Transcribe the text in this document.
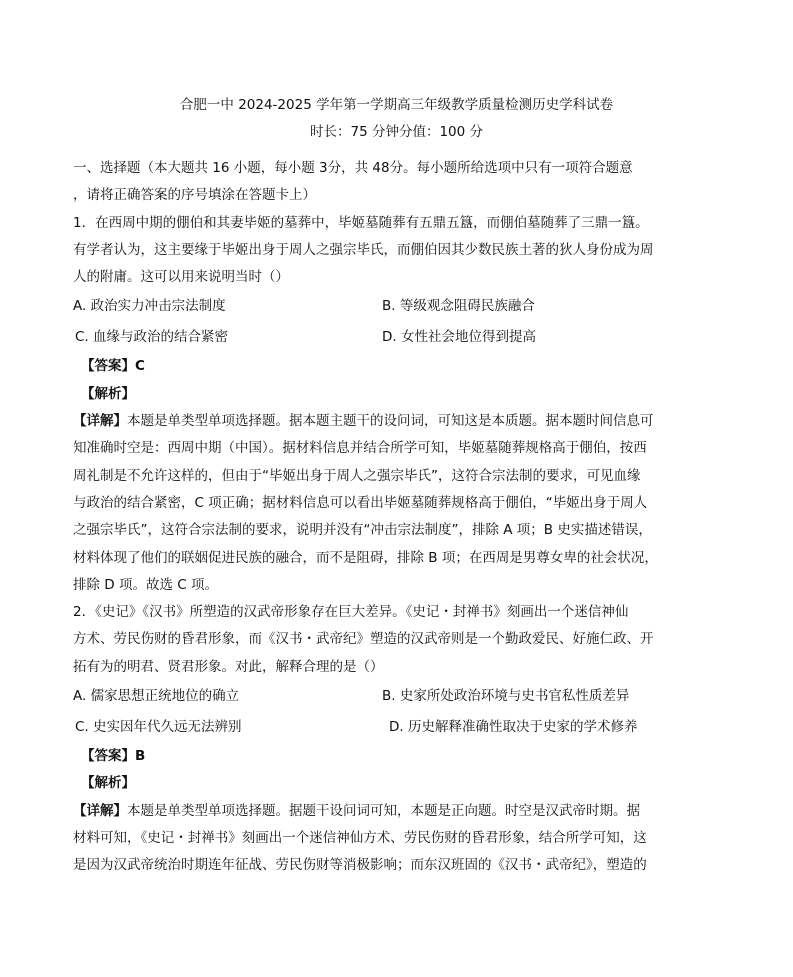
合肥一中 2024-2025 学年第一学期高三年级教学质量检测历史学科试卷
时长：75 分钟分值：100 分

一、选择题（本大题共 16 小题，每小题 3分，共 48分。每小题所给选项中只有一项符合题意

，请将正确答案的序号填涂在答题卡上）

1．在西周中期的倗伯和其妻毕姬的墓葬中，毕姬墓随葬有五鼎五簋，而倗伯墓随葬了三鼎一簋。

有学者认为，这主要缘于毕姬出身于周人之强宗毕氏，而倗伯因其少数民族土著的狄人身份成为周

人的附庸。这可以用来说明当时（）

A. 政治实力冲击宗法制度	B. 等级观念阻碍民族融合
C. 血缘与政治的结合紧密	D. 女性社会地位得到提高

【答案】C

【解析】

【详解】本题是单类型单项选择题。据本题主题干的设问词，可知这是本质题。据本题时间信息可

知准确时空是：西周中期（中国）。据材料信息并结合所学可知，毕姬墓随葬规格高于倗伯，按西

周礼制是不允许这样的，但由于“毕姬出身于周人之强宗毕氏”，这符合宗法制的要求，可见血缘

与政治的结合紧密，C 项正确；据材料信息可以看出毕姬墓随葬规格高于倗伯，“毕姬出身于周人

之强宗毕氏”，这符合宗法制的要求，说明并没有“冲击宗法制度”，排除 A 项；B 史实描述错误，

材料体现了他们的联姻促进民族的融合，而不是阻碍，排除 B 项；在西周是男尊女卑的社会状况，

排除 D 项。故选 C 项。

2．《史记》《汉书》所塑造的汉武帝形象存在巨大差异。《史记・封禅书》刻画出一个迷信神仙

方术、劳民伤财的昏君形象，而《汉书・武帝纪》塑造的汉武帝则是一个勤政爱民、好施仁政、开

拓有为的明君、贤君形象。对此，解释合理的是（）

A. 儒家思想正统地位的确立	B. 史家所处政治环境与史书官私性质差异
C. 史实因年代久远无法辨别	D. 历史解释准确性取决于史家的学术修养

【答案】B

【解析】

【详解】本题是单类型单项选择题。据题干设问词可知，本题是正向题。时空是汉武帝时期。据

材料可知，《史记・封禅书》刻画出一个迷信神仙方术、劳民伤财的昏君形象，结合所学可知，这

是因为汉武帝统治时期连年征战、劳民伤财等消极影响；而东汉班固的《汉书・武帝纪》，塑造的
